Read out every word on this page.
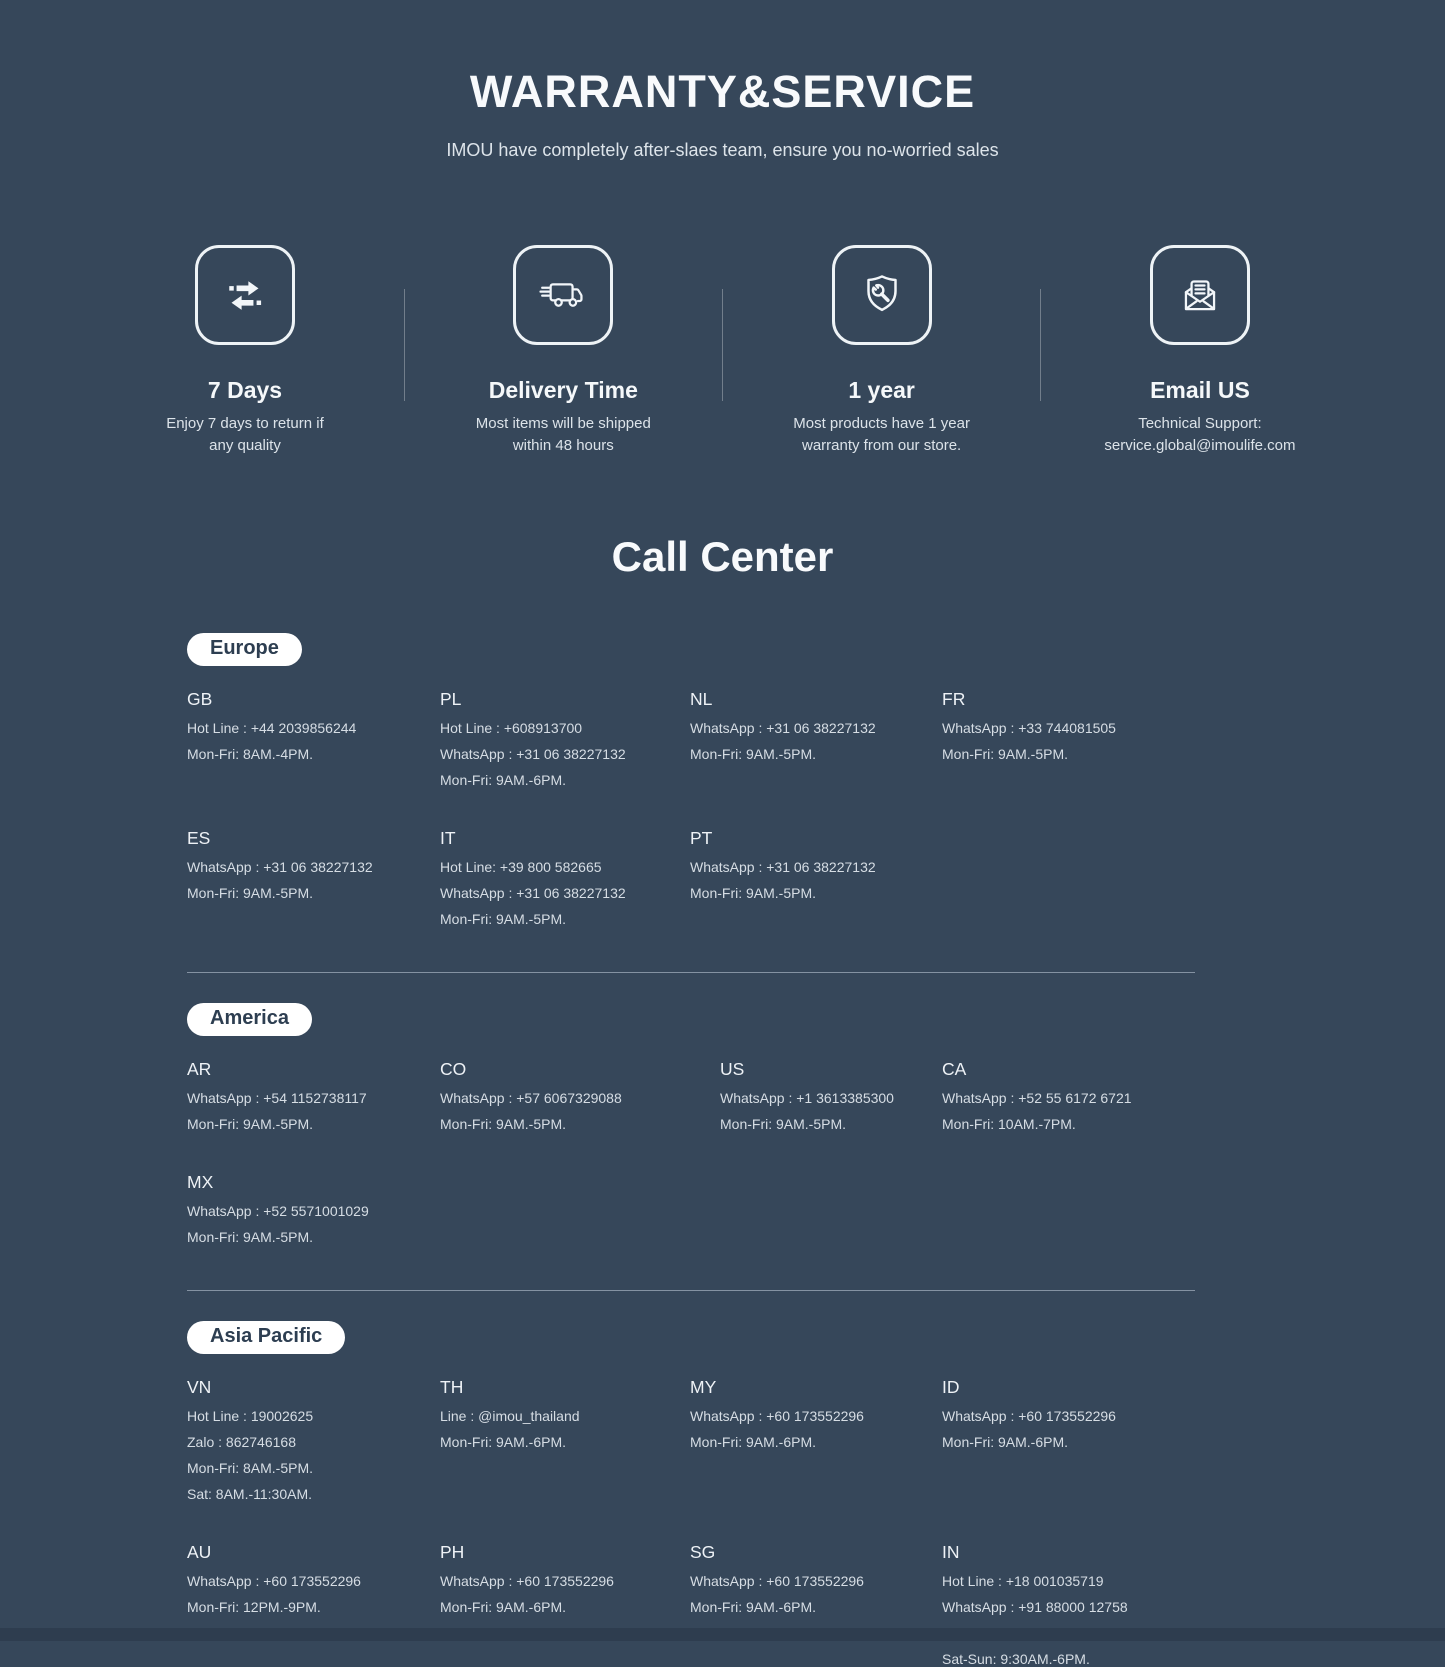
WARRANTY&SERVICE
IMOU have completely after-slaes team, ensure you no-worried sales
7 Days
Enjoy 7 days to return if
any quality
Delivery Time
Most items will be shipped
within 48 hours
1 year
Most products have 1 year
warranty from our store.
Email US
Technical Support:
service.global@imoulife.com
Call Center
Europe
GB
Hot Line : +44 2039856244
Mon-Fri: 8AM.-4PM.
PL
Hot Line : +608913700
WhatsApp : +31 06 38227132
Mon-Fri: 9AM.-6PM.
NL
WhatsApp : +31 06 38227132
Mon-Fri: 9AM.-5PM.
FR
WhatsApp : +33 744081505
Mon-Fri: 9AM.-5PM.
ES
WhatsApp : +31 06 38227132
Mon-Fri: 9AM.-5PM.
IT
Hot Line: +39 800 582665
WhatsApp : +31 06 38227132
Mon-Fri: 9AM.-5PM.
PT
WhatsApp : +31 06 38227132
Mon-Fri: 9AM.-5PM.
America
AR
WhatsApp : +54 1152738117
Mon-Fri: 9AM.-5PM.
CO
WhatsApp : +57 6067329088
Mon-Fri: 9AM.-5PM.
US
WhatsApp : +1 3613385300
Mon-Fri: 9AM.-5PM.
CA
WhatsApp : +52 55 6172 6721
Mon-Fri: 10AM.-7PM.
MX
WhatsApp : +52 5571001029
Mon-Fri: 9AM.-5PM.
Asia Pacific
VN
Hot Line : 19002625
Zalo : 862746168
Mon-Fri: 8AM.-5PM.
Sat: 8AM.-11:30AM.
TH
Line : @imou_thailand
Mon-Fri: 9AM.-6PM.
MY
WhatsApp : +60 173552296
Mon-Fri: 9AM.-6PM.
ID
WhatsApp : +60 173552296
Mon-Fri: 9AM.-6PM.
AU
WhatsApp : +60 173552296
Mon-Fri: 12PM.-9PM.
PH
WhatsApp : +60 173552296
Mon-Fri: 9AM.-6PM.
SG
WhatsApp : +60 173552296
Mon-Fri: 9AM.-6PM.
IN
Hot Line : +18 001035719
WhatsApp : +91 88000 12758
Sat-Sun: 9:30AM.-6PM.
